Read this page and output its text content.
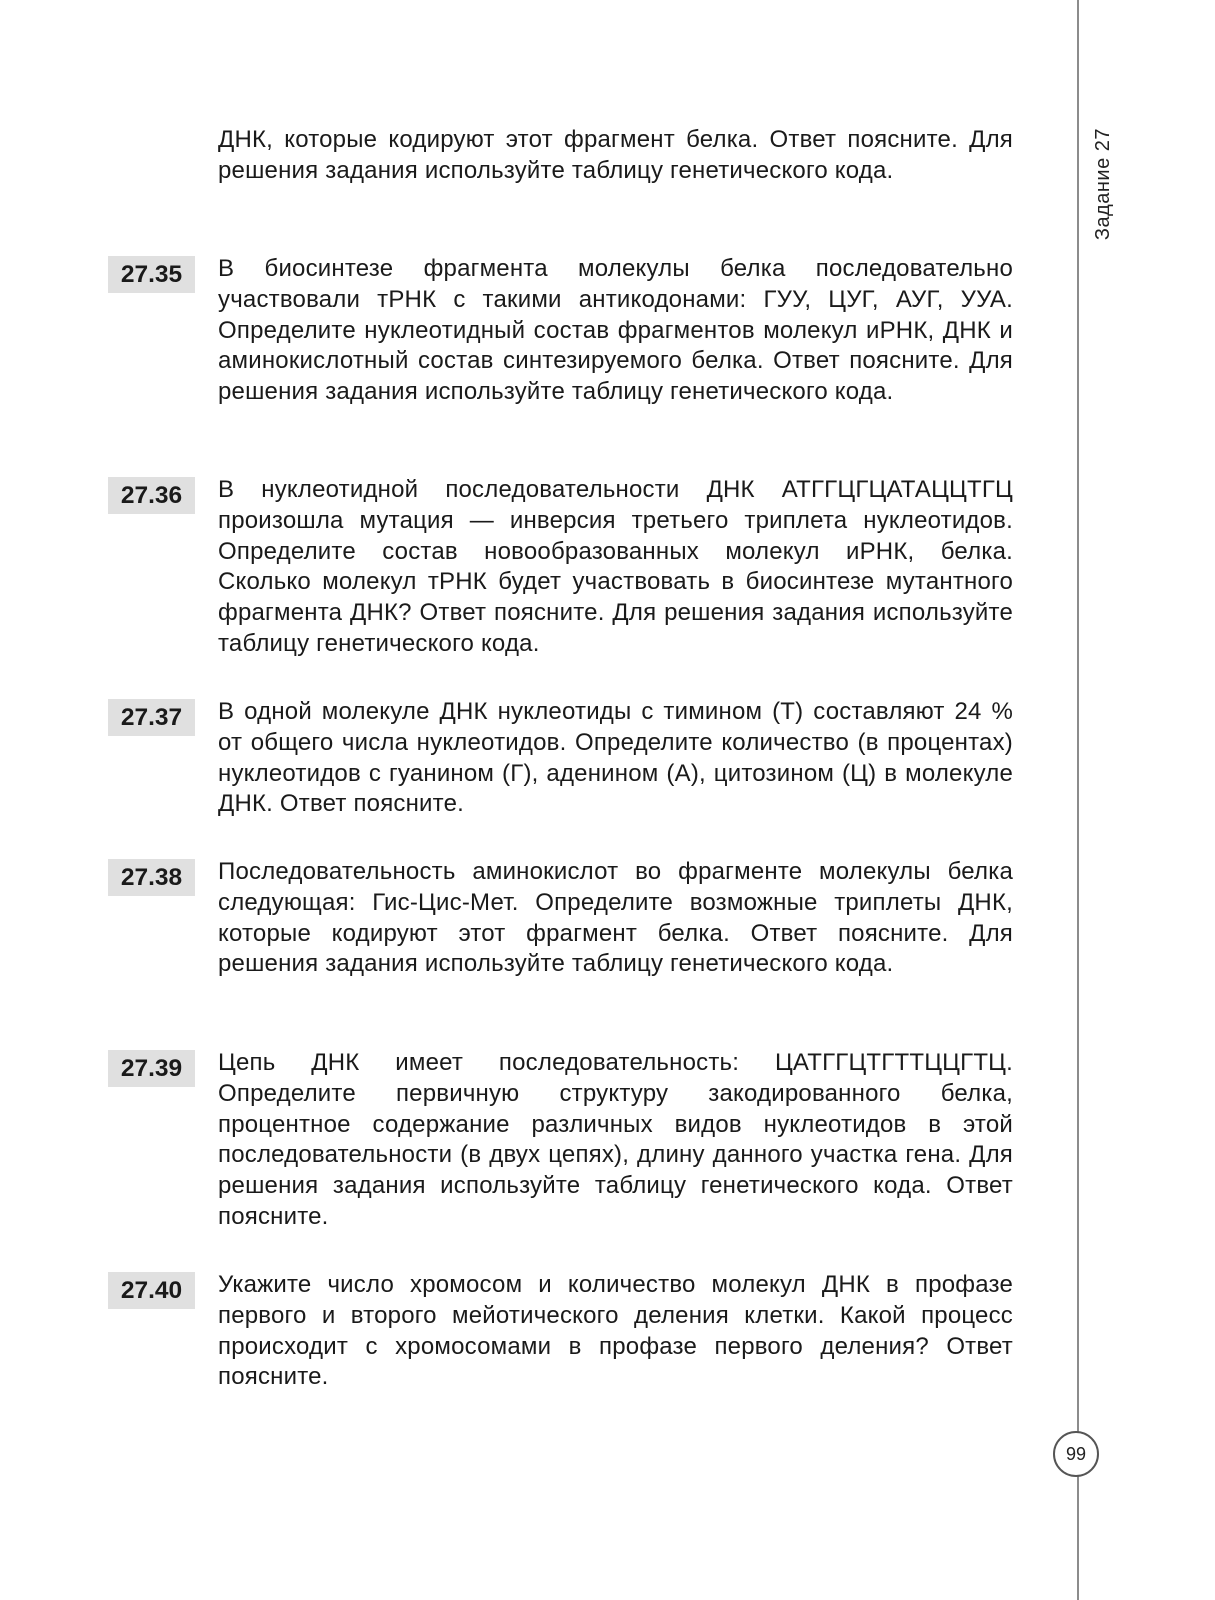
Задание 27
99
ДНК, которые кодируют этот фрагмент белка. Ответ поясните. Для решения задания используйте таблицу генетического кода.
27.35	В биосинтезе фрагмента молекулы белка последовательно участвовали тРНК с такими антикодонами: ГУУ, ЦУГ, АУГ, УУА. Определите нуклеотидный состав фрагментов молекул иРНК, ДНК и аминокислотный состав синтезируемого белка. Ответ поясните. Для решения задания используйте таблицу генетического кода.
27.36	В нуклеотидной последовательности ДНК АТГГЦГЦАТАЦЦТГЦ произошла мутация — инверсия третьего триплета нуклеотидов. Определите состав новообразованных молекул иРНК, белка. Сколько молекул тРНК будет участвовать в биосинтезе мутантного фрагмента ДНК? Ответ поясните. Для решения задания используйте таблицу генетического кода.
27.37	В одной молекуле ДНК нуклеотиды с тимином (Т) составляют 24 % от общего числа нуклеотидов. Определите количество (в процентах) нуклеотидов с гуанином (Г), аденином (А), цитозином (Ц) в молекуле ДНК. Ответ поясните.
27.38	Последовательность аминокислот во фрагменте молекулы белка следующая: Гис-Цис-Мет. Определите возможные триплеты ДНК, которые кодируют этот фрагмент белка. Ответ поясните. Для решения задания используйте таблицу генетического кода.
27.39	Цепь ДНК имеет последовательность: ЦАТГГЦТГТТЦЦГТЦ. Определите первичную структуру закодированного белка, процентное содержание различных видов нуклеотидов в этой последовательности (в двух цепях), длину данного участка гена. Для решения задания используйте таблицу генетического кода. Ответ поясните.
27.40	Укажите число хромосом и количество молекул ДНК в профазе первого и второго мейотического деления клетки. Какой процесс происходит с хромосомами в профазе первого деления? Ответ поясните.
